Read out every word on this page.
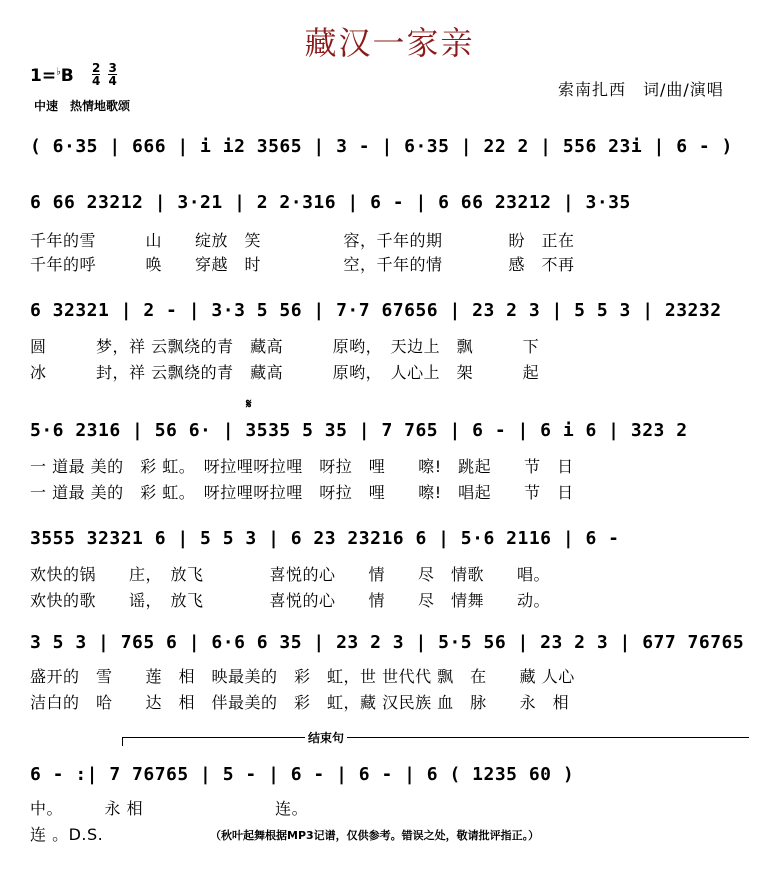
藏汉一家亲
$1=^♭B \frac{2}{4}$
$\frac{3}{4}$
中速　热情地歌颂
索南扎西　词/曲/演唱
( 6·35 | 666 | i i2 3565 | 3 - | 6·35 | 22 2 | 556 23i | 6 - )
6 66 23212 | 3·21 | 2 2·316 | 6 - | 6 66 23212 | 3·35
千年的雪　　　山　　绽放　笑　　　　　容，千年的期　　　　盼　正在
千年的呼　　　唤　　穿越　时　　　　　空，千年的情　　　　感　不再
6 32321 | 2 - | 3·3 5 56 | 7·7 67656 | 23 2 3 | 5 5 3 | 23232
圆　　　梦，祥 云飘绕的青　藏高　　　原哟，　天边上　飘　　　下
冰　　　封，祥 云飘绕的青　藏高　　　原哟，　人心上　架　　　起
𝄋
5·6 2316 | 56 6· | 3535 5 35 | 7 765 | 6 - | 6 i 6 | 323 2
一 道最 美的　彩 虹。　呀拉哩呀拉哩　呀拉　哩　　嚓!　跳起　　节　日
一 道最 美的　彩 虹。　呀拉哩呀拉哩　呀拉　哩　　嚓!　唱起　　节　日
3555 32321 6 | 5 5 3 | 6 23 23216 6 | 5·6 2116 | 6 -
欢快的锅　　庄，　放飞　　　　喜悦的心　　情　　尽　情歌　　唱。
欢快的歌　　谣，　放飞　　　　喜悦的心　　情　　尽　情舞　　动。
3 5 3 | 765 6 | 6·6 6 35 | 23 2 3 | 5·5 56 | 23 2 3 | 677 76765
盛开的　雪　　莲　相　映最美的　彩　虹，世 世代代 飘　在　　藏 人心
洁白的　哈　　达　相　伴最美的　彩　虹，藏 汉民族 血　脉　　永　相
结束句
6 - :| 7 76765 | 5 - | 6 - | 6 - | 6 ( 1235 60 )
中。　　　永 相　　　　　　　　连。
连 。D.S.	（秋叶起舞根据MP3记谱，仅供参考。错误之处，敬请批评指正。）
